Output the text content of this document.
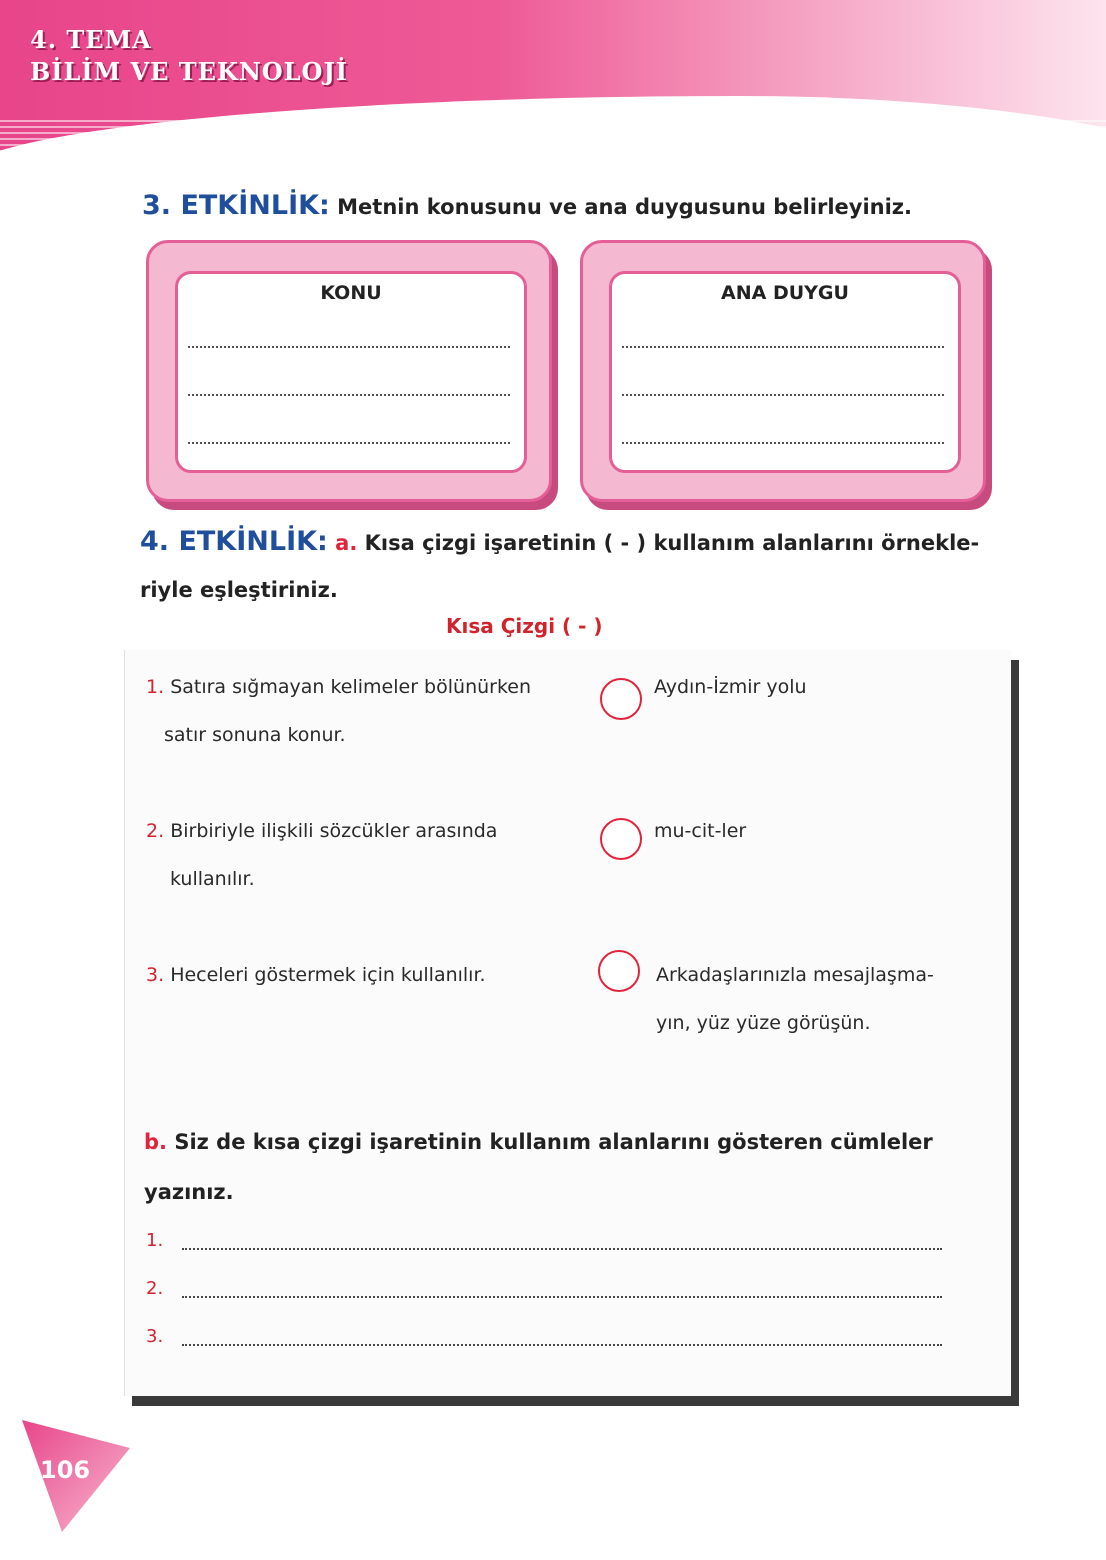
4. TEMA
BİLİM VE TEKNOLOJİ
3. ETKİNLİK: Metnin konusunu ve ana duygusunu belirleyiniz.
KONU	ANA DUYGU
4. ETKİNLİK: a. Kısa çizgi işaretinin ( - ) kullanım alanlarını örnekle-
riyle eşleştiriniz.
Kısa Çizgi ( - )
1. Satıra sığmayan kelimeler bölünürken
satır sonuna konur.
2. Birbiriyle ilişkili sözcükler arasında
kullanılır.
3. Heceleri göstermek için kullanılır.
Aydın-İzmir yolu
mu-cit-ler
Arkadaşlarınızla mesajlaşma-
yın, yüz yüze görüşün.
b. Siz de kısa çizgi işaretinin kullanım alanlarını gösteren cümleler
yazınız.
1.
2.
3.
106
